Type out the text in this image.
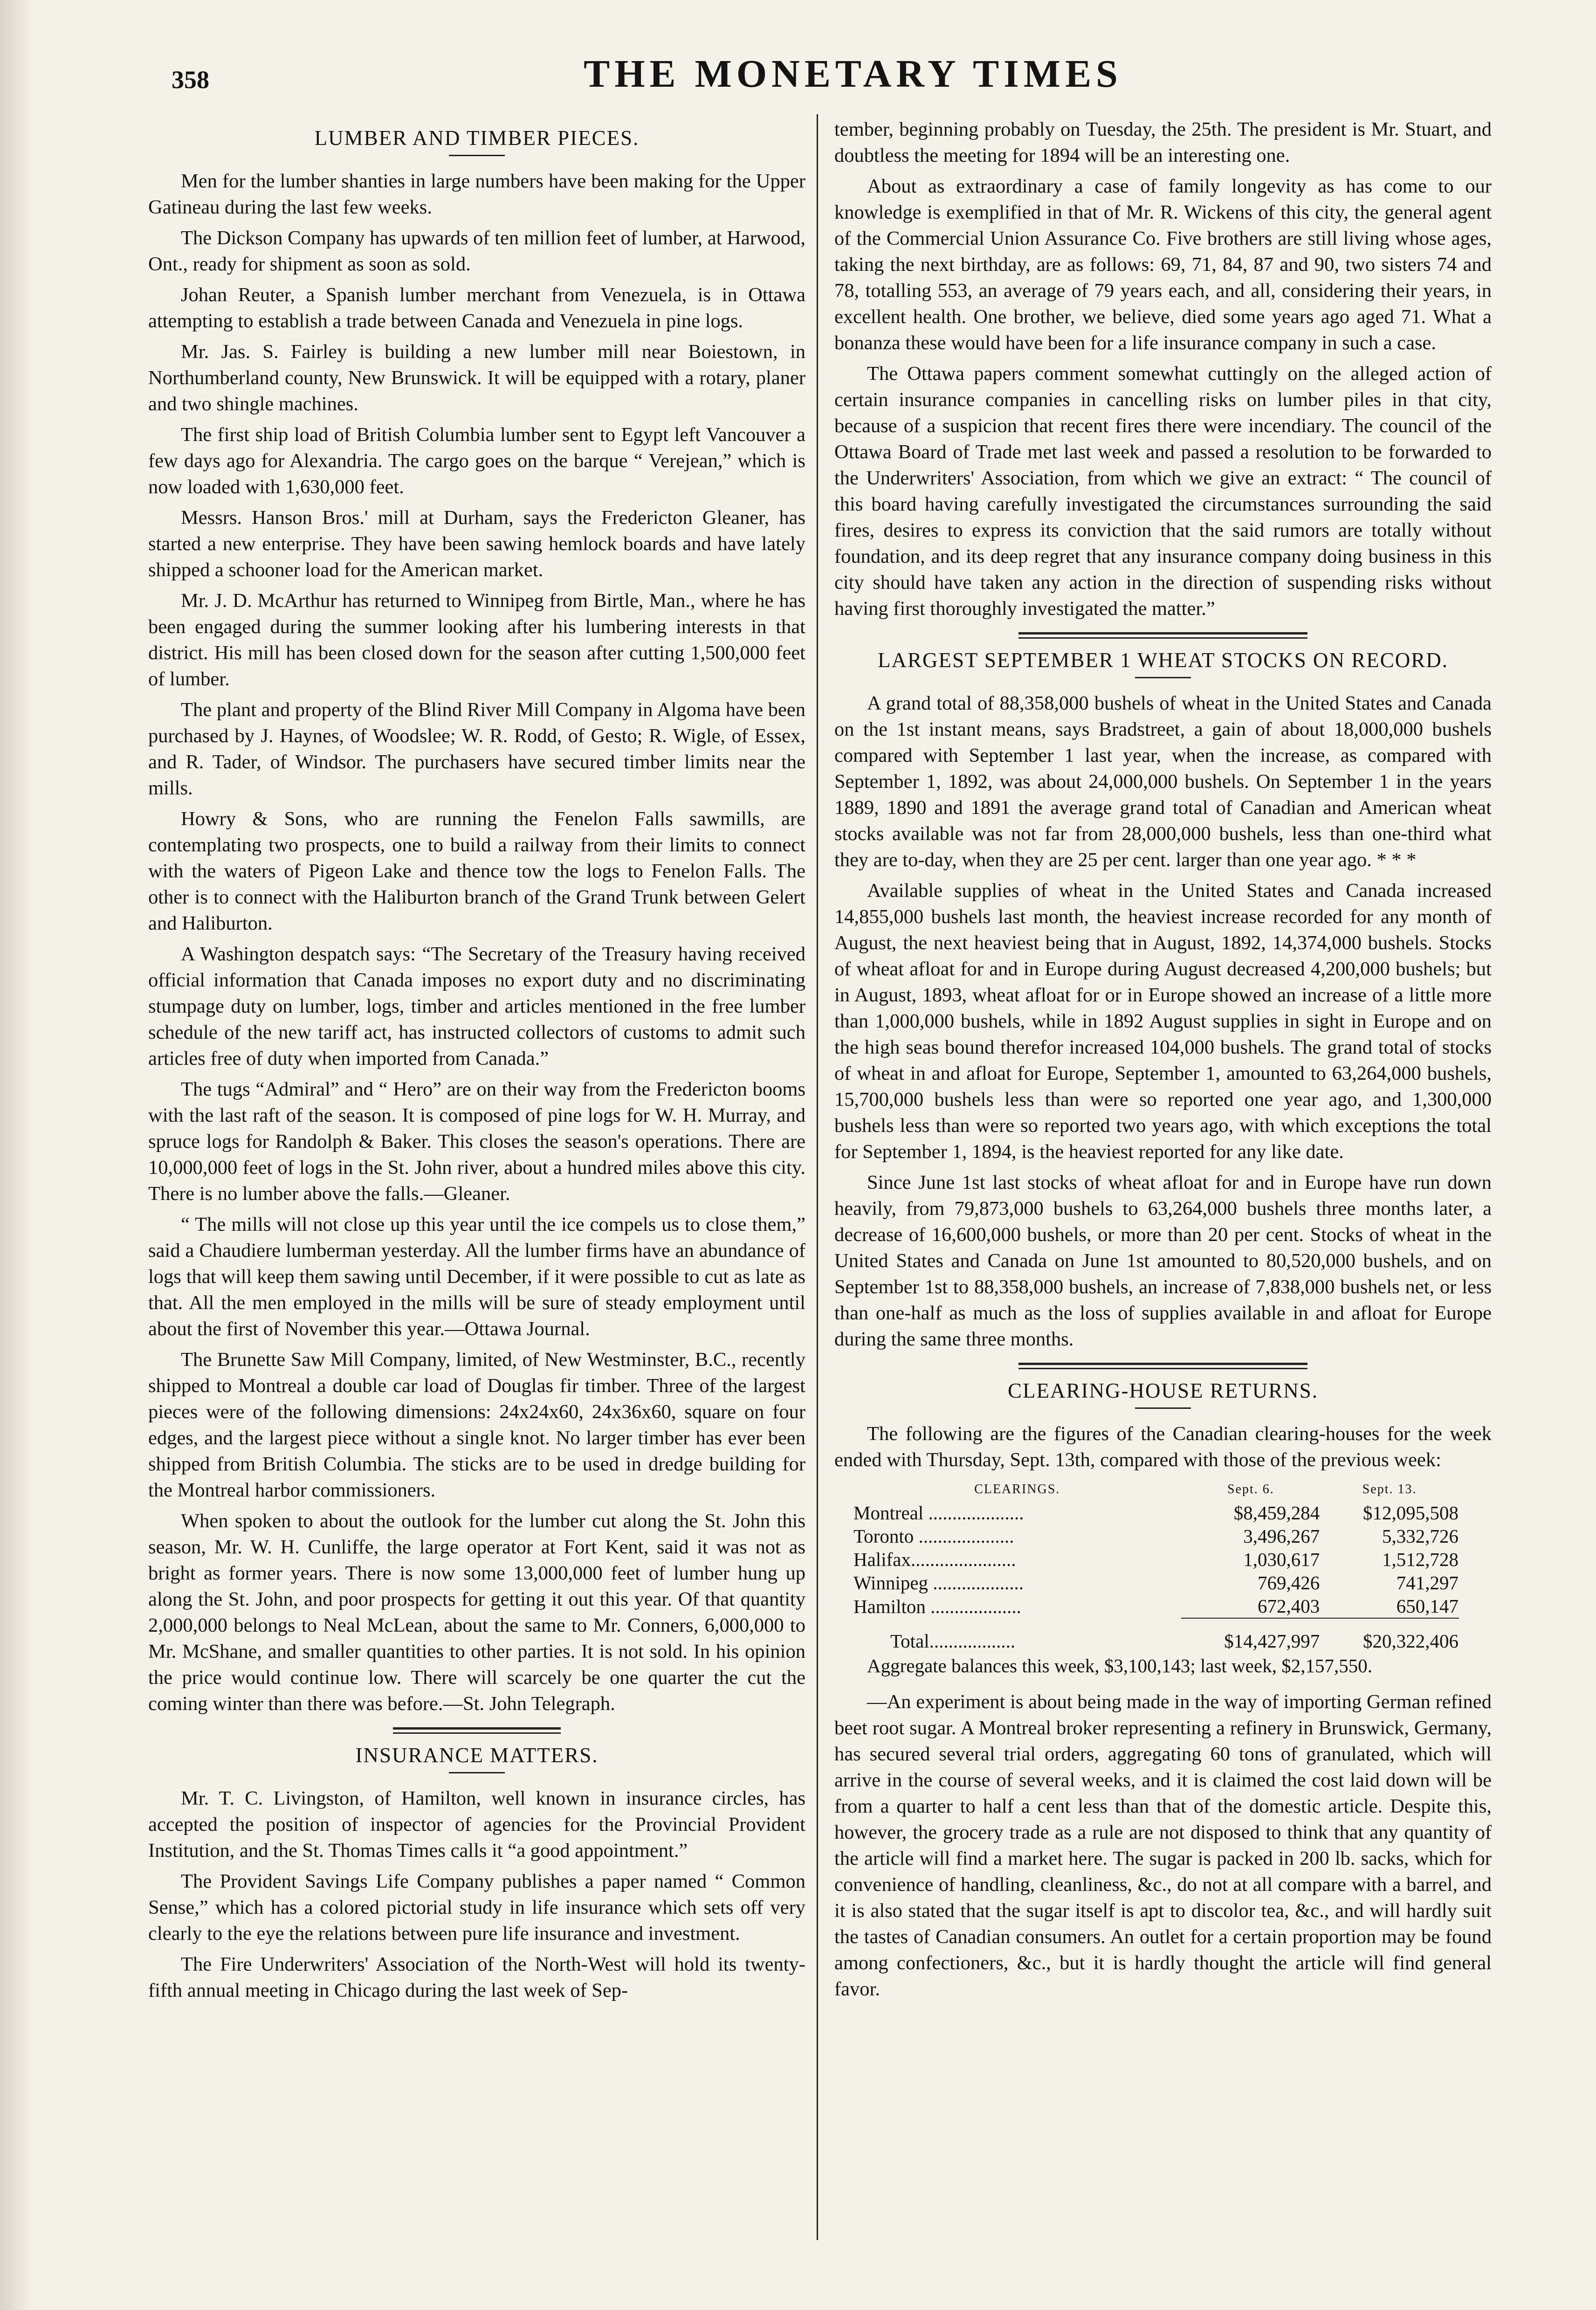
358	THE MONETARY TIMES
LUMBER AND TIMBER PIECES.

Men for the lumber shanties in large numbers have been making for the Upper Gatineau during the last few weeks.

The Dickson Company has upwards of ten million feet of lumber, at Harwood, Ont., ready for shipment as soon as sold.

Johan Reuter, a Spanish lumber merchant from Venezuela, is in Ottawa attempting to establish a trade between Canada and Venezuela in pine logs.

Mr. Jas. S. Fairley is building a new lumber mill near Boiestown, in Northumberland county, New Brunswick. It will be equipped with a rotary, planer and two shingle machines.

The first ship load of British Columbia lumber sent to Egypt left Vancouver a few days ago for Alexandria. The cargo goes on the barque “ Verejean,” which is now loaded with 1,630,000 feet.

Messrs. Hanson Bros.' mill at Durham, says the Fredericton Gleaner, has started a new enterprise. They have been sawing hemlock boards and have lately shipped a schooner load for the American market.

Mr. J. D. McArthur has returned to Winnipeg from Birtle, Man., where he has been engaged during the summer looking after his lumbering interests in that district. His mill has been closed down for the season after cutting 1,500,000 feet of lumber.

The plant and property of the Blind River Mill Company in Algoma have been purchased by J. Haynes, of Woodslee; W. R. Rodd, of Gesto; R. Wigle, of Essex, and R. Tader, of Windsor. The purchasers have secured timber limits near the mills.

Howry & Sons, who are running the Fenelon Falls sawmills, are contemplating two prospects, one to build a railway from their limits to connect with the waters of Pigeon Lake and thence tow the logs to Fenelon Falls. The other is to connect with the Haliburton branch of the Grand Trunk between Gelert and Haliburton.

A Washington despatch says: “The Secretary of the Treasury having received official information that Canada imposes no export duty and no discriminating stumpage duty on lumber, logs, timber and articles mentioned in the free lumber schedule of the new tariff act, has instructed collectors of customs to admit such articles free of duty when imported from Canada.”

The tugs “Admiral” and “ Hero” are on their way from the Fredericton booms with the last raft of the season. It is composed of pine logs for W. H. Murray, and spruce logs for Randolph & Baker. This closes the season's operations. There are 10,000,000 feet of logs in the St. John river, about a hundred miles above this city. There is no lumber above the falls.—Gleaner.

“ The mills will not close up this year until the ice compels us to close them,” said a Chaudiere lumberman yesterday. All the lumber firms have an abundance of logs that will keep them sawing until December, if it were possible to cut as late as that. All the men employed in the mills will be sure of steady employment until about the first of November this year.—Ottawa Journal.

The Brunette Saw Mill Company, limited, of New Westminster, B.C., recently shipped to Montreal a double car load of Douglas fir timber. Three of the largest pieces were of the following dimensions: 24x24x60, 24x36x60, square on four edges, and the largest piece without a single knot. No larger timber has ever been shipped from British Columbia. The sticks are to be used in dredge building for the Montreal harbor commissioners.

When spoken to about the outlook for the lumber cut along the St. John this season, Mr. W. H. Cunliffe, the large operator at Fort Kent, said it was not as bright as former years. There is now some 13,000,000 feet of lumber hung up along the St. John, and poor prospects for getting it out this year. Of that quantity 2,000,000 belongs to Neal McLean, about the same to Mr. Conners, 6,000,000 to Mr. McShane, and smaller quantities to other parties. It is not sold. In his opinion the price would continue low. There will scarcely be one quarter the cut the coming winter than there was before.—St. John Telegraph.

INSURANCE MATTERS.

Mr. T. C. Livingston, of Hamilton, well known in insurance circles, has accepted the position of inspector of agencies for the Provincial Provident Institution, and the St. Thomas Times calls it “a good appointment.”

The Provident Savings Life Company publishes a paper named “ Common Sense,” which has a colored pictorial study in life insurance which sets off very clearly to the eye the relations between pure life insurance and investment.

The Fire Underwriters' Association of the North-West will hold its twenty-fifth annual meeting in Chicago during the last week of Sep-

tember, beginning probably on Tuesday, the 25th. The president is Mr. Stuart, and doubtless the meeting for 1894 will be an interesting one.

About as extraordinary a case of family longevity as has come to our knowledge is exemplified in that of Mr. R. Wickens of this city, the general agent of the Commercial Union Assurance Co. Five brothers are still living whose ages, taking the next birthday, are as follows: 69, 71, 84, 87 and 90, two sisters 74 and 78, totalling 553, an average of 79 years each, and all, considering their years, in excellent health. One brother, we believe, died some years ago aged 71. What a bonanza these would have been for a life insurance company in such a case.

The Ottawa papers comment somewhat cuttingly on the alleged action of certain insurance companies in cancelling risks on lumber piles in that city, because of a suspicion that recent fires there were incendiary. The council of the Ottawa Board of Trade met last week and passed a resolution to be forwarded to the Underwriters' Association, from which we give an extract: “ The council of this board having carefully investigated the circumstances surrounding the said fires, desires to express its conviction that the said rumors are totally without foundation, and its deep regret that any insurance company doing business in this city should have taken any action in the direction of suspending risks without having first thoroughly investigated the matter.”

LARGEST SEPTEMBER 1 WHEAT STOCKS ON RECORD.

A grand total of 88,358,000 bushels of wheat in the United States and Canada on the 1st instant means, says Bradstreet, a gain of about 18,000,000 bushels compared with September 1 last year, when the increase, as compared with September 1, 1892, was about 24,000,000 bushels. On September 1 in the years 1889, 1890 and 1891 the average grand total of Canadian and American wheat stocks available was not far from 28,000,000 bushels, less than one-third what they are to-day, when they are 25 per cent. larger than one year ago. * * *

Available supplies of wheat in the United States and Canada increased 14,855,000 bushels last month, the heaviest increase recorded for any month of August, the next heaviest being that in August, 1892, 14,374,000 bushels. Stocks of wheat afloat for and in Europe during August decreased 4,200,000 bushels; but in August, 1893, wheat afloat for or in Europe showed an increase of a little more than 1,000,000 bushels, while in 1892 August supplies in sight in Europe and on the high seas bound therefor increased 104,000 bushels. The grand total of stocks of wheat in and afloat for Europe, September 1, amounted to 63,264,000 bushels, 15,700,000 bushels less than were so reported one year ago, and 1,300,000 bushels less than were so reported two years ago, with which exceptions the total for September 1, 1894, is the heaviest reported for any like date.

Since June 1st last stocks of wheat afloat for and in Europe have run down heavily, from 79,873,000 bushels to 63,264,000 bushels three months later, a decrease of 16,600,000 bushels, or more than 20 per cent. Stocks of wheat in the United States and Canada on June 1st amounted to 80,520,000 bushels, and on September 1st to 88,358,000 bushels, an increase of 7,838,000 bushels net, or less than one-half as much as the loss of supplies available in and afloat for Europe during the same three months.

CLEARING-HOUSE RETURNS.

The following are the figures of the Canadian clearing-houses for the week ended with Thursday, Sept. 13th, compared with those of the previous week:

CLEARINGS.	Sept. 6.	Sept. 13.
Montreal ....................	$8,459,284	$12,095,508
Toronto ....................	3,496,267	5,332,726
Halifax......................	1,030,617	1,512,728
Winnipeg ...................	769,426	741,297
Hamilton ...................	672,403	650,147
Total..................	$14,427,997	$20,322,406
Aggregate balances this week, $3,100,143; last week, $2,157,550.

—An experiment is about being made in the way of importing German refined beet root sugar. A Montreal broker representing a refinery in Brunswick, Germany, has secured several trial orders, aggregating 60 tons of granulated, which will arrive in the course of several weeks, and it is claimed the cost laid down will be from a quarter to half a cent less than that of the domestic article. Despite this, however, the grocery trade as a rule are not disposed to think that any quantity of the article will find a market here. The sugar is packed in 200 lb. sacks, which for convenience of handling, cleanliness, &c., do not at all compare with a barrel, and it is also stated that the sugar itself is apt to discolor tea, &c., and will hardly suit the tastes of Canadian consumers. An outlet for a certain proportion may be found among confectioners, &c., but it is hardly thought the article will find general favor.
